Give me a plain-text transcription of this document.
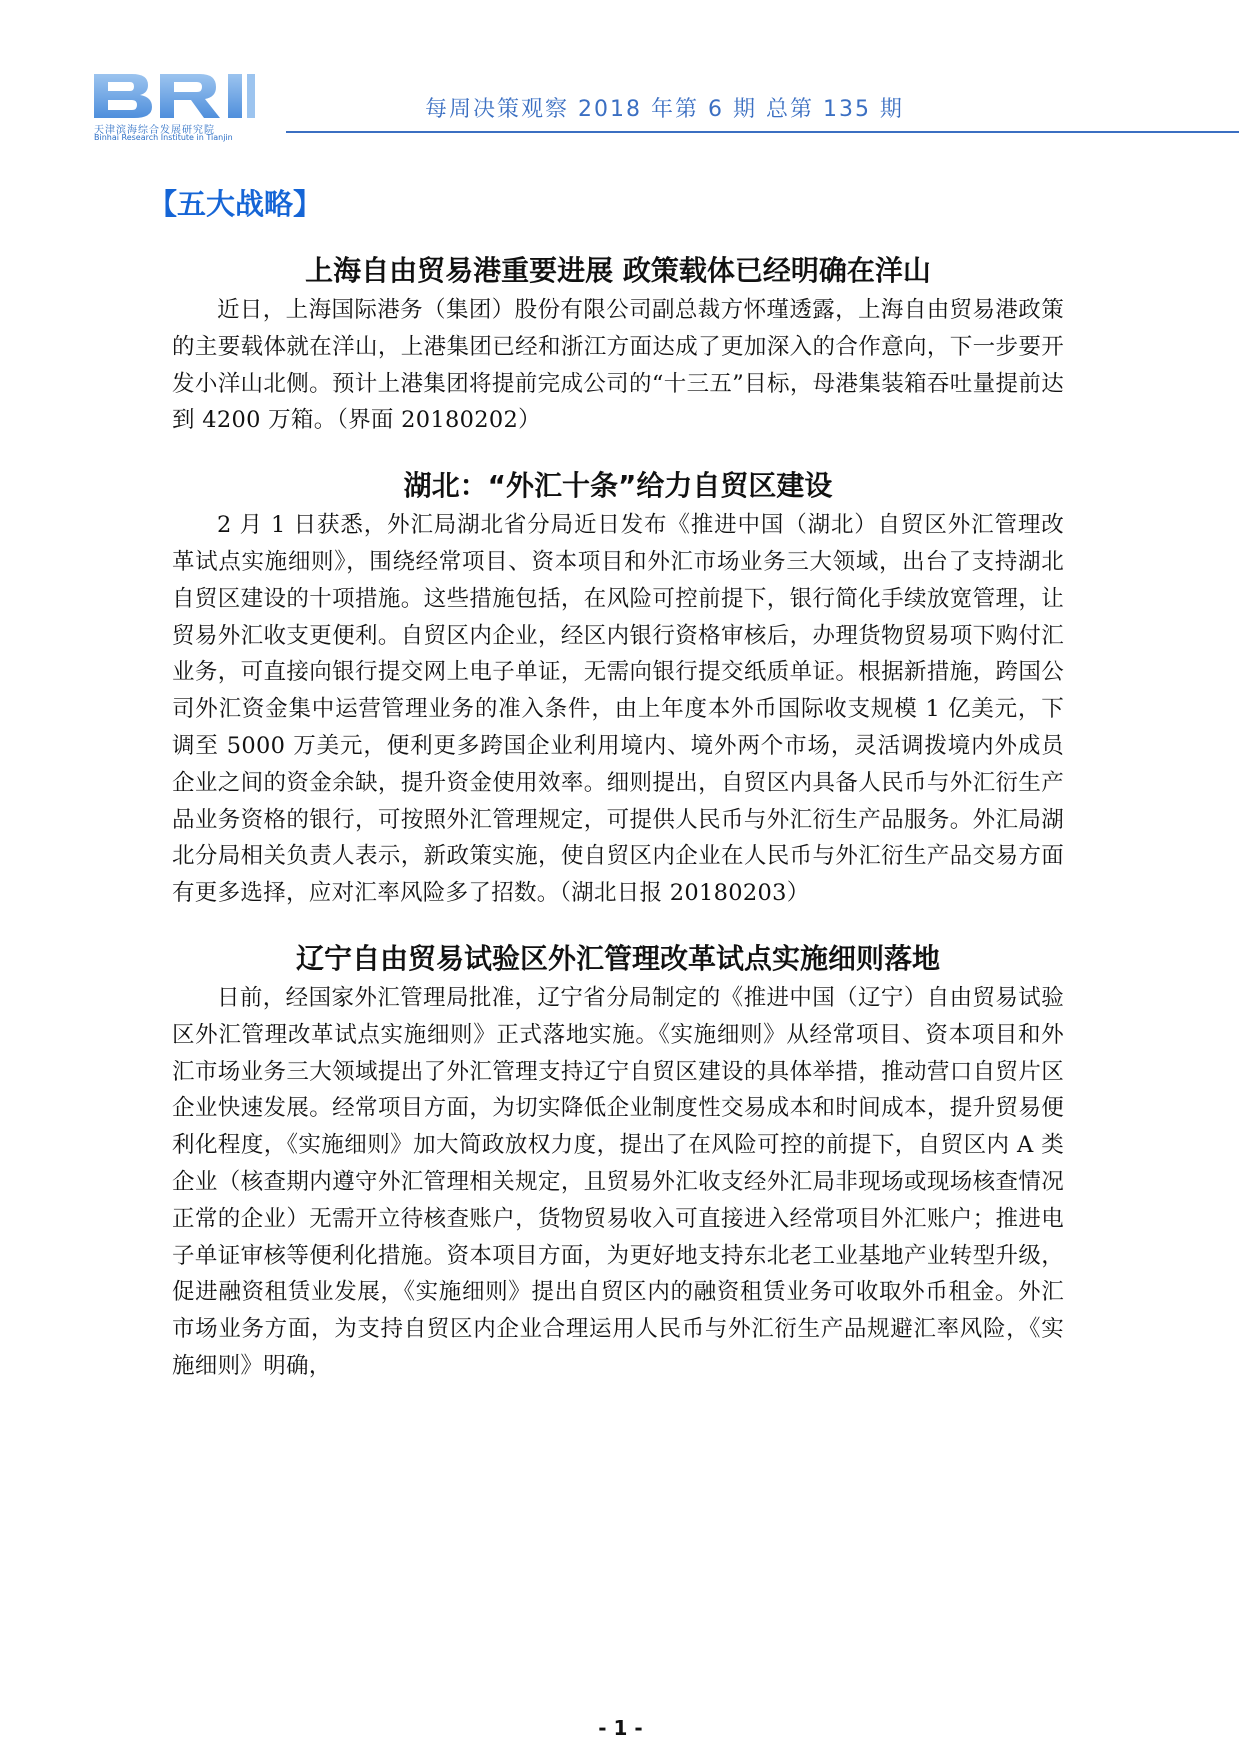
天津滨海综合发展研究院
Binhai Research Institute in Tianjin
每周决策观察 2018 年第 6 期 总第 135 期
【五大战略】
上海自由贸易港重要进展 政策载体已经明确在洋山

近日，上海国际港务（集团）股份有限公司副总裁方怀瑾透露，上海自由贸易港政策的主要载体就在洋山，上港集团已经和浙江方面达成了更加深入的合作意向，下一步要开发小洋山北侧。预计上港集团将提前完成公司的“十三五”目标，母港集装箱吞吐量提前达到 4200 万箱。（界面 20180202）

湖北：“外汇十条”给力自贸区建设

2 月 1 日获悉，外汇局湖北省分局近日发布《推进中国（湖北）自贸区外汇管理改革试点实施细则》，围绕经常项目、资本项目和外汇市场业务三大领域，出台了支持湖北自贸区建设的十项措施。这些措施包括，在风险可控前提下，银行简化手续放宽管理，让贸易外汇收支更便利。自贸区内企业，经区内银行资格审核后，办理货物贸易项下购付汇业务，可直接向银行提交网上电子单证，无需向银行提交纸质单证。根据新措施，跨国公司外汇资金集中运营管理业务的准入条件，由上年度本外币国际收支规模 1 亿美元，下调至 5000 万美元，便利更多跨国企业利用境内、境外两个市场，灵活调拨境内外成员企业之间的资金余缺，提升资金使用效率。细则提出，自贸区内具备人民币与外汇衍生产品业务资格的银行，可按照外汇管理规定，可提供人民币与外汇衍生产品服务。外汇局湖北分局相关负责人表示，新政策实施，使自贸区内企业在人民币与外汇衍生产品交易方面有更多选择，应对汇率风险多了招数。（湖北日报 20180203）

辽宁自由贸易试验区外汇管理改革试点实施细则落地

日前，经国家外汇管理局批准，辽宁省分局制定的《推进中国（辽宁）自由贸易试验区外汇管理改革试点实施细则》正式落地实施。《实施细则》从经常项目、资本项目和外汇市场业务三大领域提出了外汇管理支持辽宁自贸区建设的具体举措，推动营口自贸片区企业快速发展。经常项目方面，为切实降低企业制度性交易成本和时间成本，提升贸易便利化程度，《实施细则》加大简政放权力度，提出了在风险可控的前提下，自贸区内 A 类企业（核查期内遵守外汇管理相关规定，且贸易外汇收支经外汇局非现场或现场核查情况正常的企业）无需开立待核查账户，货物贸易收入可直接进入经常项目外汇账户；推进电子单证审核等便利化措施。资本项目方面，为更好地支持东北老工业基地产业转型升级，促进融资租赁业发展，《实施细则》提出自贸区内的融资租赁业务可收取外币租金。外汇市场业务方面，为支持自贸区内企业合理运用人民币与外汇衍生产品规避汇率风险，《实施细则》明确，

- 1 -
